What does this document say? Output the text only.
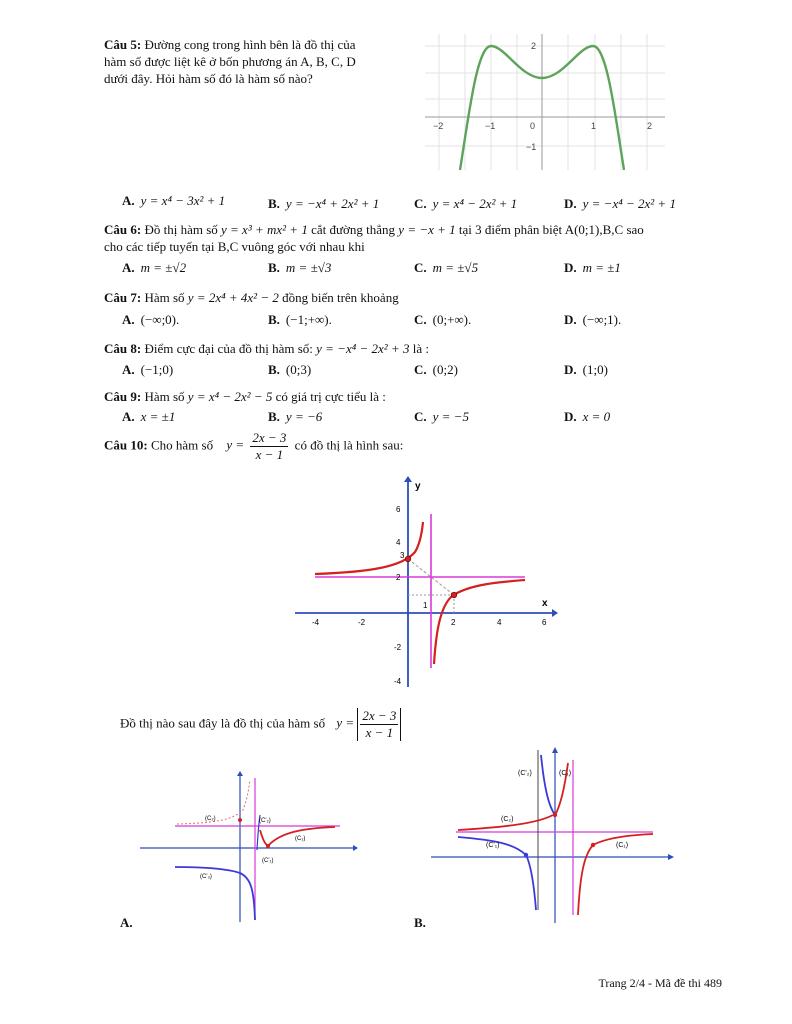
Câu 5: Đường cong trong hình bên là đồ thị của
hàm số được liệt kê ở bốn phương án A, B, C, D
dưới đây. Hỏi hàm số đó là hàm số nào?
−2	−1	0	1	2
2
−1
A. y = x⁴ − 3x² + 1	B. y = −x⁴ + 2x² + 1	C. y = x⁴ − 2x² + 1	D. y = −x⁴ − 2x² + 1
Câu 6: Đồ thị hàm số y = x³ + mx² + 1 cắt đường thẳng y = −x + 1 tại 3 điểm phân biệt A(0;1),B,C sao
cho các tiếp tuyến tại B,C vuông góc với nhau khi
A. m = ±√2	B. m = ±√3	C. m = ±√5	D. m = ±1
Câu 7: Hàm số y = 2x⁴ + 4x² − 2 đồng biến trên khoảng
A. (−∞;0).	B. (−1;+∞).	C. (0;+∞).	D. (−∞;1).
Câu 8: Điểm cực đại của đồ thị hàm số: y = −x⁴ − 2x² + 3 là :
A. (−1;0)	B. (0;3)	C. (0;2)	D. (1;0)
Câu 9: Hàm số y = x⁴ − 2x² − 5 có giá trị cực tiểu là :
A. x = ±1	B. y = −6	C. y = −5	D. x = 0
Câu 10: Cho hàm số $y = \frac{2x - 3}{x - 1}$ có đồ thị là hình sau:
x
y
-4	-2	2	4	6
6
4
2
-2
-4
3
1
Đồ thị nào sau đây là đồ thị của hàm số $y = \frac{2x - 3}{x - 1}$
(C₂)	(C'₂)
(C₁)
(C'₁)
(C'₃)
(C'₂)	(C₁)
(C₂)
(C'₁)	(C₁)
A.	B.
Trang 2/4 - Mã đề thi 489
